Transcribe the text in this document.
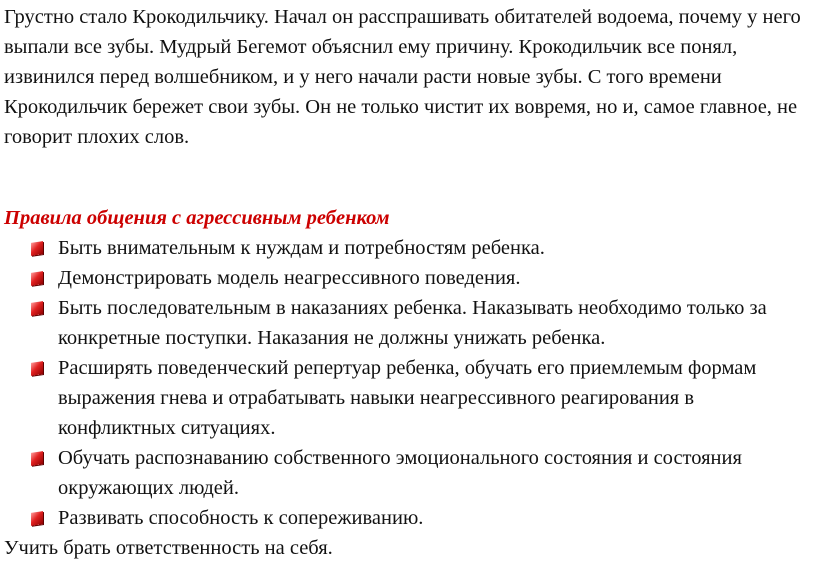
Грустно стало Крокодильчику. Начал он расспрашивать обитателей водоема, почему у него выпали все зубы. Мудрый Бегемот объяснил ему причину. Крокодильчик все понял, извинился перед волшебником, и у него начали расти новые зубы. С того времени Крокодильчик бережет свои зубы. Он не только чистит их вовремя, но и, самое главное, не говорит плохих слов.

Правила общения с агрессивным ребенком

Быть внимательным к нуждам и потребностям ребенка.
Демонстрировать модель неагрессивного поведения.
Быть последовательным в наказаниях ребенка. Наказывать необходимо только за конкретные поступки. Наказания не должны унижать ребенка.
Расширять поведенческий репертуар ребенка, обучать его приемлемым формам выражения гнева и отрабатывать навыки неагрессивного реагирования в конфликтных ситуациях.
Обучать распознаванию собственного эмоционального состояния и состояния окружающих людей.
Развивать способность к сопереживанию.

Учить брать ответственность на себя.
